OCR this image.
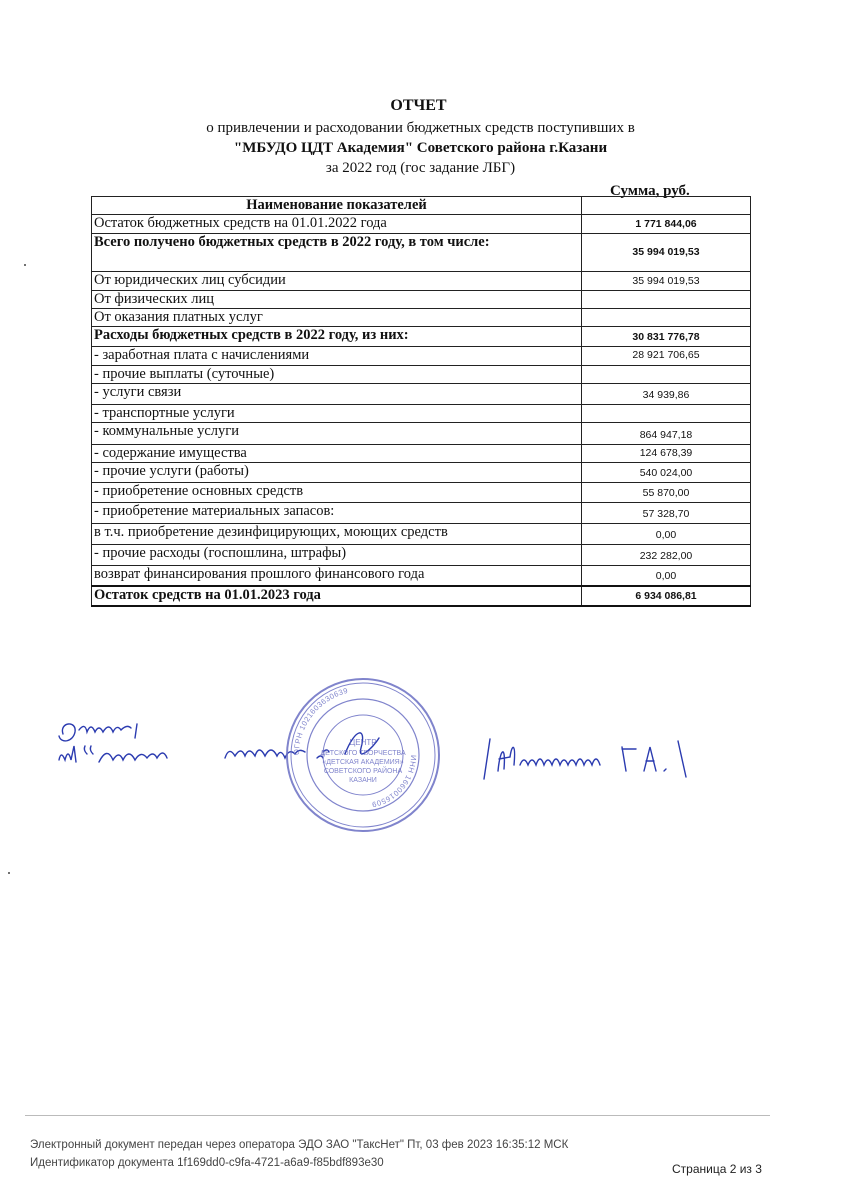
ОТЧЕТ
о привлечении и расходовании бюджетных средств поступивших в
"МБУДО ЦДТ Академия" Советского района г.Казани
за 2022 год (гос задание ЛБГ)
Сумма, руб.
Наименование показателей	
Остаток бюджетных средств на 01.01.2022 года	1 771 844,06
Всего получено бюджетных средств в 2022 году, в том числе:	35 994 019,53
От юридических лиц субсидии	35 994 019,53
От физических лиц	
От оказания платных услуг	
Расходы бюджетных средств в 2022 году, из них:	30 831 776,78
- заработная плата с начислениями	28 921 706,65
- прочие выплаты (суточные)	
- услуги связи	34 939,86
- транспортные услуги	
- коммунальные услуги	864 947,18
- содержание имущества	124 678,39
- прочие услуги (работы)	540 024,00
- приобретение основных средств	55 870,00
- приобретение материальных запасов:	57 328,70
в т.ч. приобретение дезинфицирующих, моющих средств	0,00
- прочие расходы (госпошлина, штрафы)	232 282,00
возврат финансирования прошлого финансового года	0,00
Остаток средств на 01.01.2023 года	6 934 086,81
ОГРН 1021603630639
ИНН 1660016509
ЦЕНТР
ДЕТСКОГО ТВОРЧЕСТВА
«ДЕТСКАЯ АКАДЕМИЯ»
СОВЕТСКОГО РАЙОНА
КАЗАНИ
Электронный документ передан через оператора ЭДО ЗАО "ТаксНет" Пт, 03 фев 2023 16:35:12 МСК
Идентификатор документа 1f169dd0-c9fa-4721-a6a9-f85bdf893e30	Страница 2 из 3
